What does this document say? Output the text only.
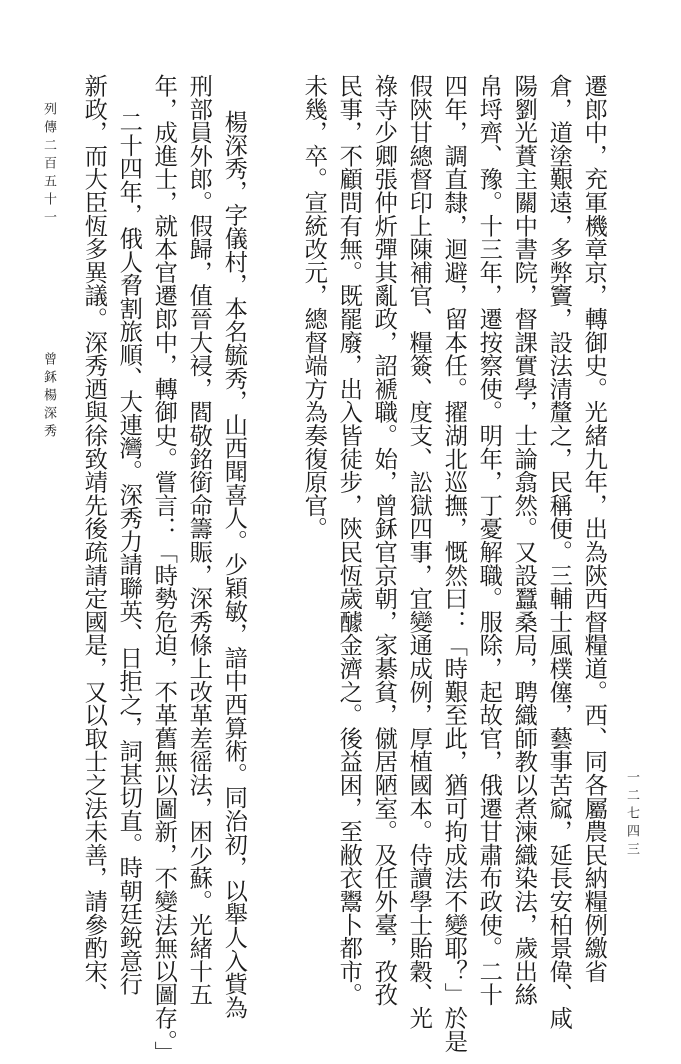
遷郎中，充軍機章京，轉御史。光緒九年，出為陝西督糧道。西、同各屬農民納糧例繳省
倉，道塗艱遠，多弊竇，設法清釐之，民稱便。三輔士風樸僿，藝事苦窳，延長安柏景偉、咸
陽劉光蕡主關中書院，督課實學，士論翕然。又設蠶桑局，聘織師教以煮湅織染法，歲出絲
帛埒齊、豫。十三年，遷按察使。明年，丁憂解職。服除，起故官，俄遷甘肅布政使。二十
四年，調直隸，迴避，留本任。擢湖北巡撫，慨然曰：「時艱至此，猶可拘成法不變耶？」於是
假陝甘總督印上陳補官、糧簽、度支、訟獄四事，宜變通成例，厚植國本。侍讀學士貽穀、光
祿寺少卿張仲炘彈其亂政，詔褫職。始，曾鉌官京朝，家綦貧，僦居陋室。及任外臺，孜孜
民事，不顧問有無。既罷廢，出入皆徒步，陝民恆歲醵金濟之。後益困，至敝衣鬻卜都市。
未幾，卒。宣統改元，總督端方為奏復原官。
楊深秀，字儀村，本名毓秀，山西聞喜人。少穎敏，諳中西算術。同治初，以舉人入貲為
刑部員外郎。假歸，值晉大祲，閻敬銘銜命籌賑，深秀條上改革差徭法，困少蘇。光緒十五
年，成進士，就本官遷郎中，轉御史。嘗言：「時勢危迫，不革舊無以圖新，不變法無以圖存。」
二十四年，俄人脅割旅順、大連灣。深秀力請聯英、日拒之，詞甚切直。時朝廷銳意行
新政，而大臣恆多異議。深秀迺與徐致靖先後疏請定國是，又以取士之法未善，請參酌宋、
列傳二百五十一
曾鉌楊深秀
一二七四三
